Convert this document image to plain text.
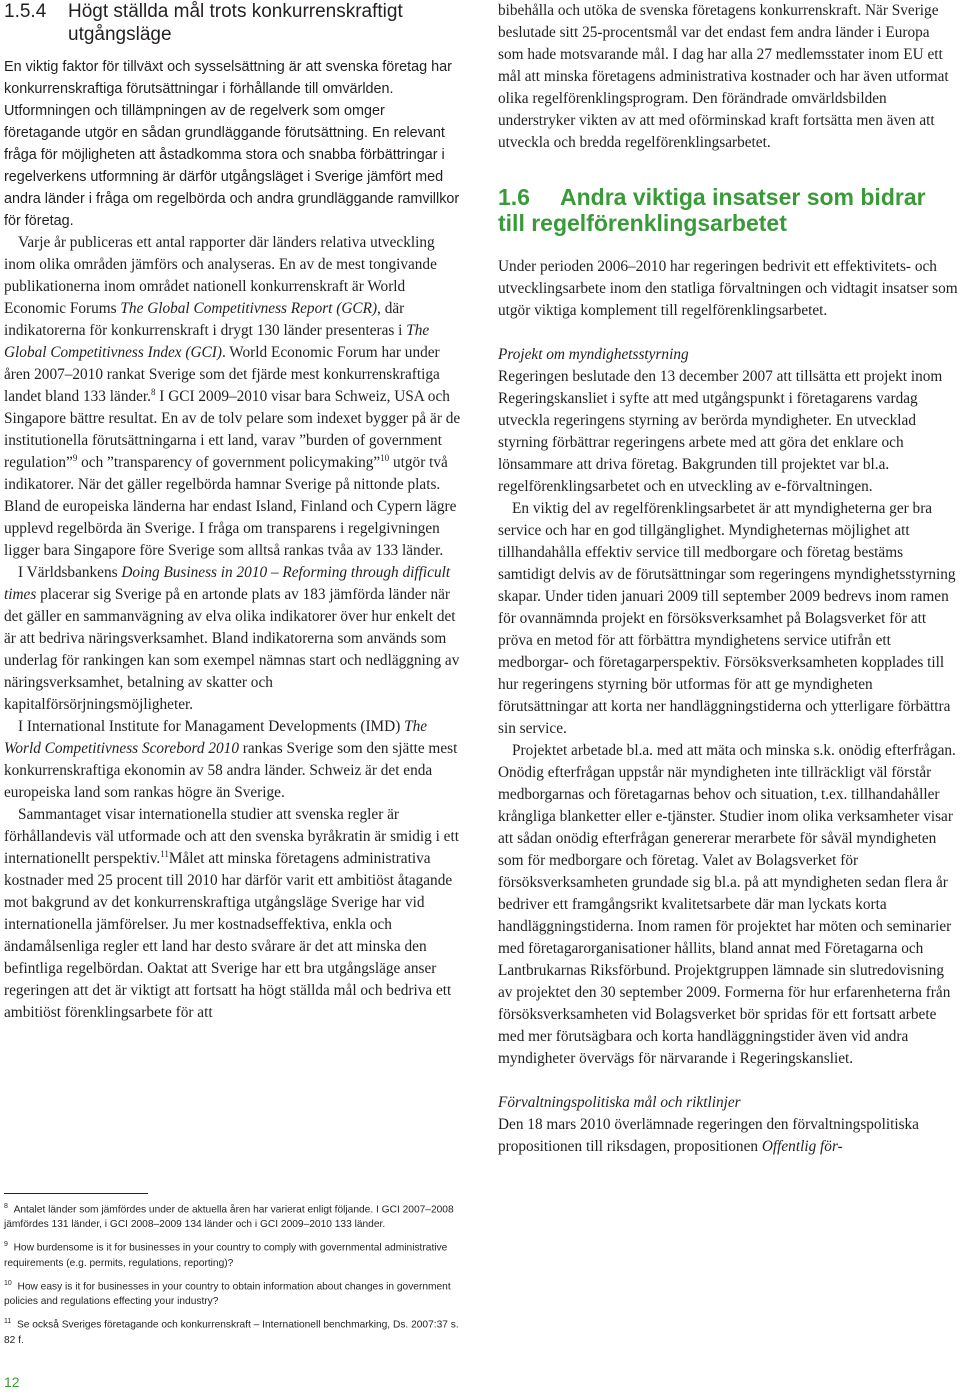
1.5.4 Högt ställda mål trots konkurrenskraftigt
utgångsläge

En viktig faktor för tillväxt och sysselsättning är att svenska företag har konkurrenskraftiga förutsättningar i förhållande till omvärlden. Utformningen och tillämpningen av de regelverk som omger företagande utgör en sådan grundläggande förutsättning. En relevant fråga för möjligheten att åstadkomma stora och snabba förbättringar i regelverkens utformning är därför utgångsläget i Sverige jämfört med andra länder i fråga om regelbörda och andra grundläggande ramvillkor för företag.

Varje år publiceras ett antal rapporter där länders relativa utveckling inom olika områden jämförs och analyseras. En av de mest tongivande publikationerna inom området nationell konkurrenskraft är World Economic Forums The Global Competitivness Report (GCR), där indikatorerna för konkurrenskraft i drygt 130 länder presenteras i The Global Competitivness Index (GCI). World Economic Forum har under åren 2007–2010 rankat Sverige som det fjärde mest konkurrenskraftiga landet bland 133 länder.$^8$ I GCI 2009–2010 visar bara Schweiz, USA och Singapore bättre resultat. En av de tolv pelare som indexet bygger på är de institutionella förutsättningarna i ett land, varav ”burden of government regulation”$^9$ och ”transparency of government policymaking”$^{10}$ utgör två indikatorer. När det gäller regelbörda hamnar Sverige på nittonde plats. Bland de europeiska länderna har endast Island, Finland och Cypern lägre upplevd regelbörda än Sverige. I fråga om transparens i regelgivningen ligger bara Singapore före Sverige som alltså rankas tvåa av 133 länder.

I Världsbankens Doing Business in 2010 – Reforming through difficult times placerar sig Sverige på en artonde plats av 183 jämförda länder när det gäller en sammanvägning av elva olika indikatorer över hur enkelt det är att bedriva näringsverksamhet. Bland indikatorerna som används som underlag för rankingen kan som exempel nämnas start och nedläggning av näringsverksamhet, betalning av skatter och kapitalförsörjningsmöjligheter.

I International Institute for Managament Developments (IMD) The World Competitivness Scorebord 2010 rankas Sverige som den sjätte mest konkurrenskraftiga ekonomin av 58 andra länder. Schweiz är det enda europeiska land som rankas högre än Sverige.

Sammantaget visar internationella studier att svenska regler är förhållandevis väl utformade och att den svenska byråkratin är smidig i ett internationellt perspektiv.$^{11}$Målet att minska företagens administrativa kostnader med 25 procent till 2010 har därför varit ett ambitiöst åtagande mot bakgrund av det konkurrenskraftiga utgångsläge Sverige har vid internationella jämförelser. Ju mer kostnadseffektiva, enkla och ändamålsenliga regler ett land har desto svårare är det att minska den befintliga regelbördan. Oaktat att Sverige har ett bra utgångsläge anser regeringen att det är viktigt att fortsatt ha högt ställda mål och bedriva ett ambitiöst förenklingsarbete för att

$^8$ Antalet länder som jämfördes under de aktuella åren har varierat enligt följande. I GCI 2007–2008 jämfördes 131 länder, i GCI 2008–2009 134 länder och i GCI 2009–2010 133 länder.

$^9$ How burdensome is it for businesses in your country to comply with governmental administrative requirements (e.g. permits, regulations, reporting)?

$^{10}$ How easy is it for businesses in your country to obtain information about changes in government policies and regulations effecting your industry?

$^{11}$ Se också Sveriges företagande och konkurrenskraft – Internationell benchmarking, Ds. 2007:37 s. 82 f.

bibehålla och utöka de svenska företagens konkurrenskraft. När Sverige beslutade sitt 25-procentsmål var det endast fem andra länder i Europa som hade motsvarande mål. I dag har alla 27 medlemsstater inom EU ett mål att minska företagens administrativa kostnader och har även utformat olika regelförenklingsprogram. Den förändrade omvärldsbilden understryker vikten av att med oförminskad kraft fortsätta men även att utveckla och bredda regelförenklingsarbetet.

1.6 Andra viktiga insatser som bidrar
till regelförenklingsarbetet

Under perioden 2006–2010 har regeringen bedrivit ett effektivitets- och utvecklingsarbete inom den statliga förvaltningen och vidtagit insatser som utgör viktiga komplement till regelförenklingsarbetet.

Projekt om myndighetsstyrning

Regeringen beslutade den 13 december 2007 att tillsätta ett projekt inom Regeringskansliet i syfte att med utgångspunkt i företagarens vardag utveckla regeringens styrning av berörda myndigheter. En utvecklad styrning förbättrar regeringens arbete med att göra det enklare och lönsammare att driva företag. Bakgrunden till projektet var bl.a. regelförenklingsarbetet och en utveckling av e-förvaltningen.

En viktig del av regelförenklingsarbetet är att myndigheterna ger bra service och har en god tillgänglighet. Myndigheternas möjlighet att tillhandahålla effektiv service till medborgare och företag bestäms samtidigt delvis av de förutsättningar som regeringens myndighetsstyrning skapar. Under tiden januari 2009 till september 2009 bedrevs inom ramen för ovannämnda projekt en försöksverksamhet på Bolagsverket för att pröva en metod för att förbättra myndighetens service utifrån ett medborgar- och företagarperspektiv. Försöksverksamheten kopplades till hur regeringens styrning bör utformas för att ge myndigheten förutsättningar att korta ner handläggningstiderna och ytterligare förbättra sin service.

Projektet arbetade bl.a. med att mäta och minska s.k. onödig efterfrågan. Onödig efterfrågan uppstår när myndigheten inte tillräckligt väl förstår medborgarnas och företagarnas behov och situation, t.ex. tillhandahåller krångliga blanketter eller e-tjänster. Studier inom olika verksamheter visar att sådan onödig efterfrågan genererar merarbete för såväl myndigheten som för medborgare och företag. Valet av Bolagsverket för försöksverksamheten grundade sig bl.a. på att myndigheten sedan flera år bedriver ett framgångsrikt kvalitetsarbete där man lyckats korta handläggningstiderna. Inom ramen för projektet har möten och seminarier med företagarorganisationer hållits, bland annat med Företagarna och Lantbrukarnas Riksförbund. Projektgruppen lämnade sin slutredovisning av projektet den 30 september 2009. Formerna för hur erfarenheterna från försöksverksamheten vid Bolagsverket bör spridas för ett fortsatt arbete med mer förutsägbara och korta handläggningstider även vid andra myndigheter övervägs för närvarande i Regeringskansliet.

Förvaltningspolitiska mål och riktlinjer

Den 18 mars 2010 överlämnade regeringen den förvaltningspolitiska propositionen till riksdagen, propositionen Offentlig för-

12
